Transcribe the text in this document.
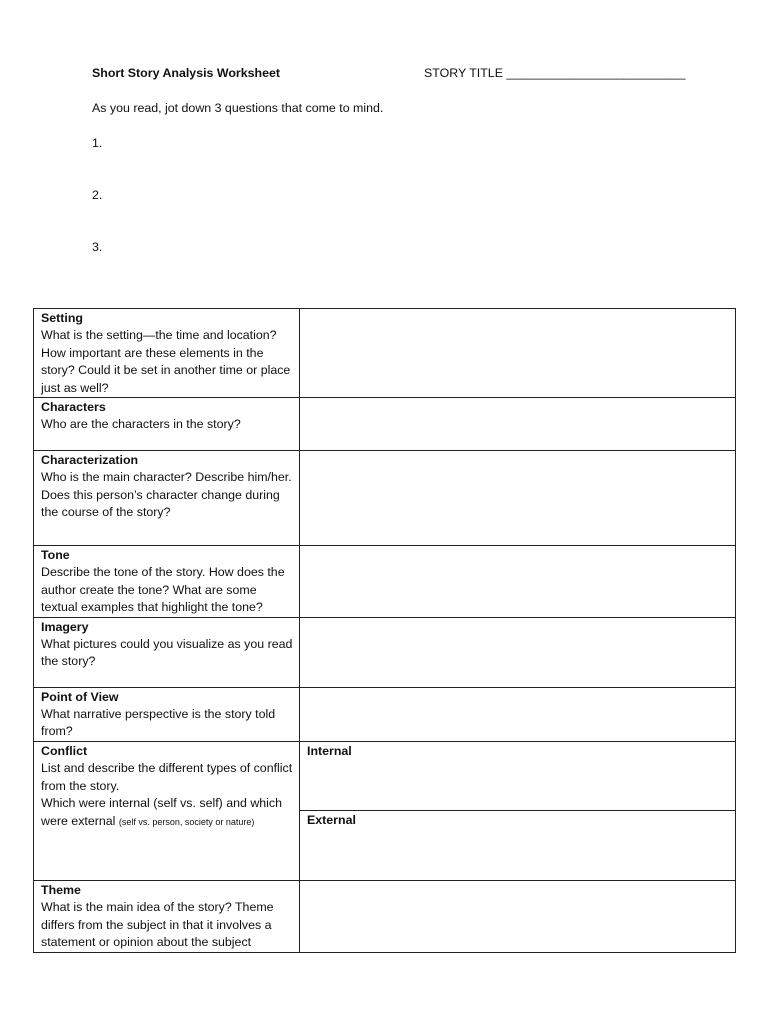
Short Story Analysis Worksheet	STORY TITLE __________________________
As you read, jot down 3 questions that come to mind.
1.
2.
3.
Setting
What is the setting—the time and location? How important are these elements in the story? Could it be set in another time or place just as well?	

Characters
Who are the characters in the story?	

Characterization
Who is the main character? Describe him/her. Does this person’s character change during the course of the story?	

Tone
Describe the tone of the story. How does the author create the tone? What are some textual examples that highlight the tone?	

Imagery
What pictures could you visualize as you read the story?	

Point of View
What narrative perspective is the story told from?	

Conflict
List and describe the different types of conflict from the story.
Which were internal (self vs. self) and which were external (self vs. person, society or nature)	Internal

	External

Theme
What is the main idea of the story? Theme differs from the subject in that it involves a statement or opinion about the subject	
